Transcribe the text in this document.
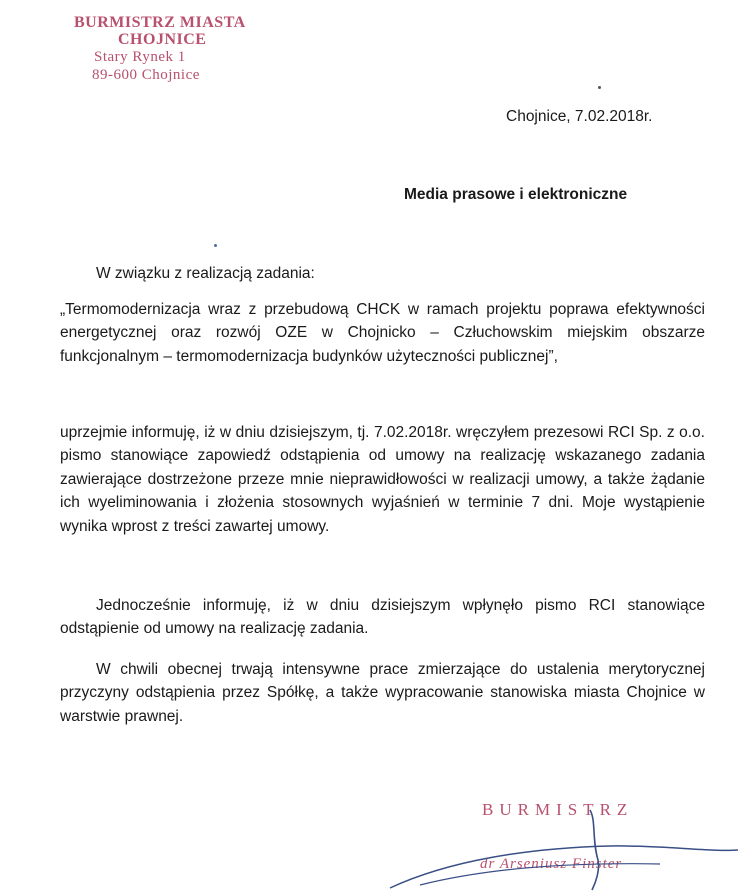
BURMISTRZ MIASTA
CHOJNICE
Stary Rynek 1
89-600 Chojnice
Chojnice, 7.02.2018r.
Media prasowe i elektroniczne
W związku z realizacją zadania:
„Termomodernizacja wraz z przebudową CHCK w ramach projektu poprawa efektywności energetycznej oraz rozwój OZE w Chojnicko – Człuchowskim miejskim obszarze funkcjonalnym – termomodernizacja budynków użyteczności publicznej”,
uprzejmie informuję, iż w dniu dzisiejszym, tj. 7.02.2018r. wręczyłem prezesowi RCI Sp. z o.o. pismo stanowiące zapowiedź odstąpienia od umowy na realizację wskazanego zadania zawierające dostrzeżone przeze mnie nieprawidłowości w realizacji umowy, a także żądanie ich wyeliminowania i złożenia stosownych wyjaśnień w terminie 7 dni. Moje wystąpienie wynika wprost z treści zawartej umowy.
Jednocześnie informuję, iż w dniu dzisiejszym wpłynęło pismo RCI stanowiące odstąpienie od umowy na realizację zadania.
W chwili obecnej trwają intensywne prace zmierzające do ustalenia merytorycznej przyczyny odstąpienia przez Spółkę, a także wypracowanie stanowiska miasta Chojnice w warstwie prawnej.
BURMISTRZ
dr Arseniusz Finster
